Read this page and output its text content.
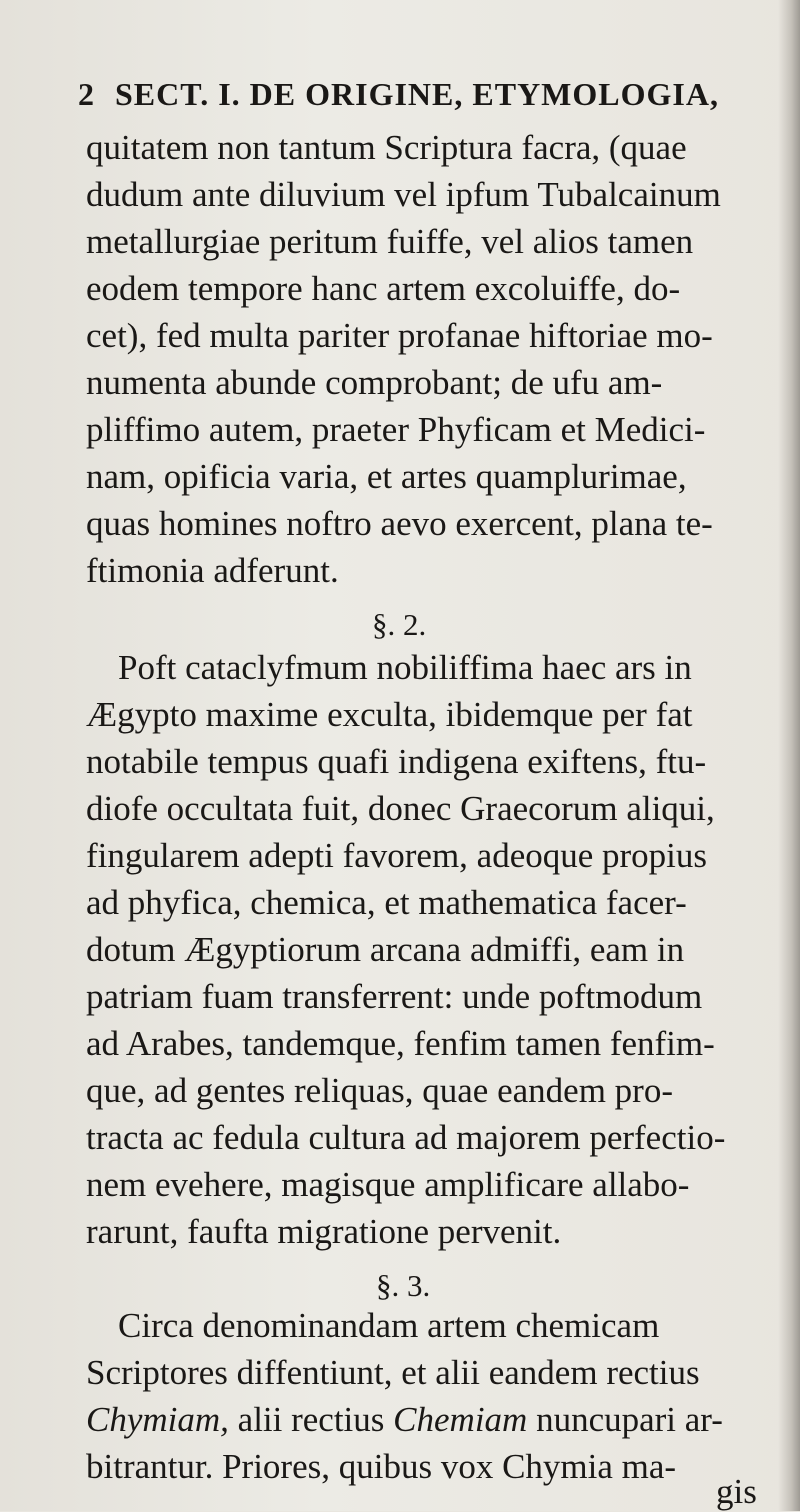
2 SECT. I. DE ORIGINE, ETYMOLOGIA,
quitatem non tantum Scriptura facra, (quae
dudum ante diluvium vel ipfum Tubalcainum
metallurgiae peritum fuiffe, vel alios tamen
eodem tempore hanc artem excoluiffe, do-
cet), fed multa pariter profanae hiftoriae mo-
numenta abunde comprobant; de ufu am-
pliffimo autem, praeter Phyficam et Medici-
nam, opificia varia, et artes quamplurimae,
quas homines noftro aevo exercent, plana te-
ftimonia adferunt.
§. 2.
Poft cataclyfmum nobiliffima haec ars in
Ægypto maxime exculta, ibidemque per fat
notabile tempus quafi indigena exiftens, ftu-
diofe occultata fuit, donec Graecorum aliqui,
fingularem adepti favorem, adeoque propius
ad phyfica, chemica, et mathematica facer-
dotum Ægyptiorum arcana admiffi, eam in
patriam fuam transferrent: unde poftmodum
ad Arabes, tandemque, fenfim tamen fenfim-
que, ad gentes reliquas, quae eandem pro-
tracta ac fedula cultura ad majorem perfectio-
nem evehere, magisque amplificare allabo-
rarunt, faufta migratione pervenit.
§. 3.
Circa denominandam artem chemicam
Scriptores diffentiunt, et alii eandem rectius
Chymiam, alii rectius Chemiam nuncupari ar-
bitrantur. Priores, quibus vox Chymia ma-
gis
